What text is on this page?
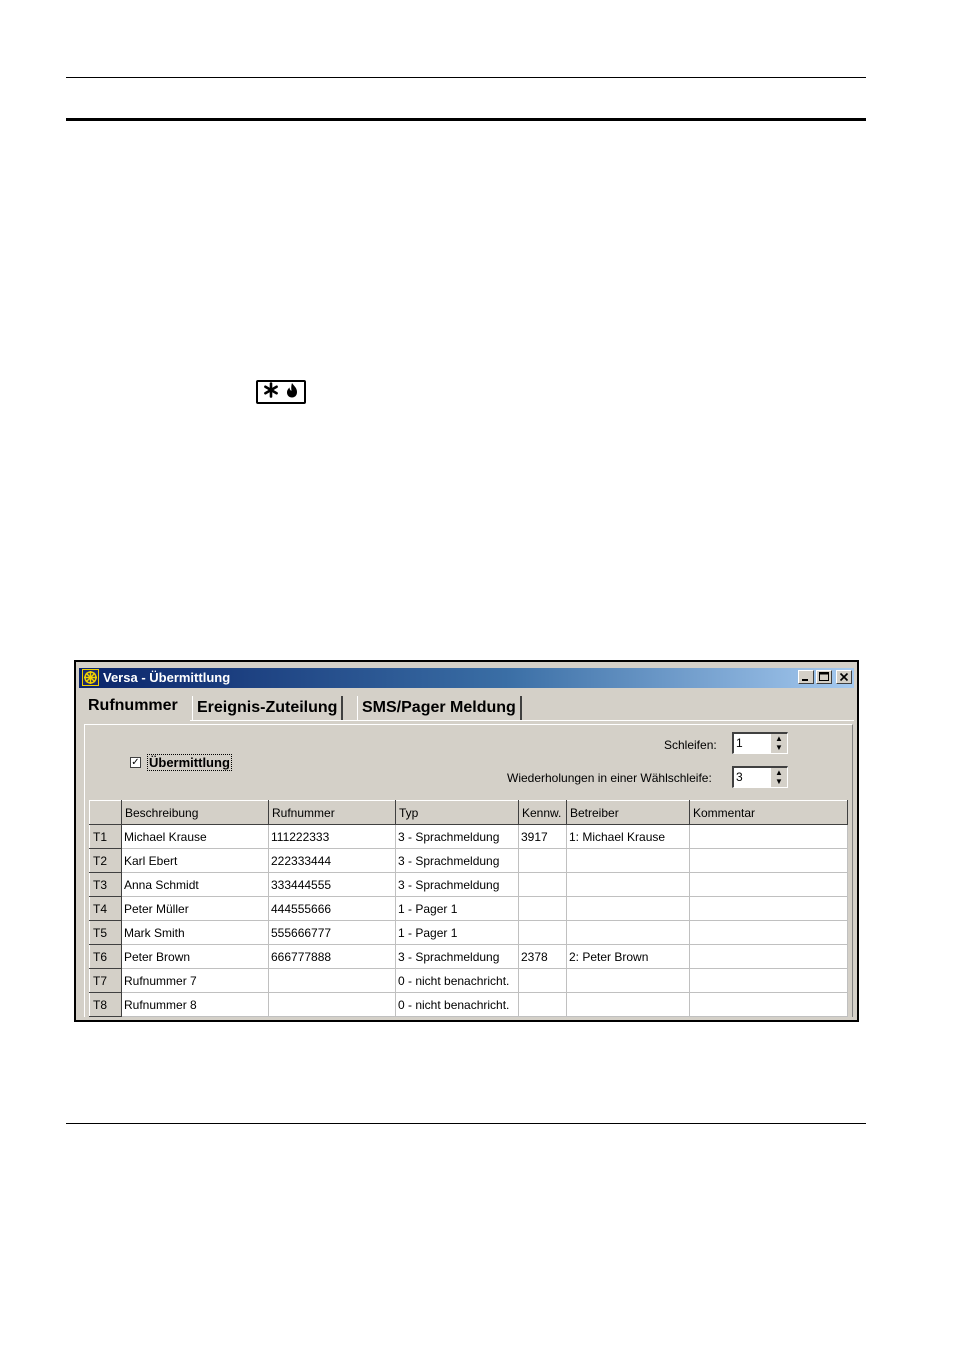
Versa - Übermittlung
Rufnummer	Ereignis-Zuteilung	SMS/Pager Meldung
✓ Übermittlung
Schleifen: 1	▲
▼
Wiederholungen in einer Wählschleife: 3	▲
▼
	Beschreibung	Rufnummer	Typ	Kennw.	Betreiber	Kommentar
T1	Michael Krause	111222333	3 - Sprachmeldung	3917	1: Michael Krause	
T2	Karl Ebert	222333444	3 - Sprachmeldung			
T3	Anna Schmidt	333444555	3 - Sprachmeldung			
T4	Peter Müller	444555666	1 - Pager 1			
T5	Mark Smith	555666777	1 - Pager 1			
T6	Peter Brown	666777888	3 - Sprachmeldung	2378	2: Peter Brown	
T7	Rufnummer 7		0 - nicht benachricht.			
T8	Rufnummer 8		0 - nicht benachricht.			
